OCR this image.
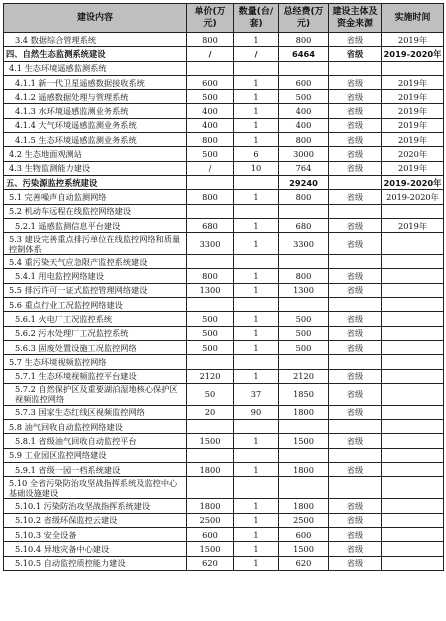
建设内容	单价(万元)	数量(台/套)	总经费(万元)	建设主体及资金来源	实施时间
3.4 数据综合管理系统	800	1	800	省级	2019年
四、自然生态监测系统建设	/	/	6464	省级	2019-2020年
4.1 生态环境遥感监测系统					
4.1.1 新一代卫星遥感数据接收系统	600	1	600	省级	2019年
4.1.2 遥感数据处理与管理系统	500	1	500	省级	2019年
4.1.3 水环境遥感监测业务系统	400	1	400	省级	2019年
4.1.4 大气环境遥感监测业务系统	400	1	400	省级	2019年
4.1.5 生态环境遥感监测业务系统	800	1	800	省级	2019年
4.2 生态地面观测站	500	6	3000	省级	2020年
4.3 生物监测能力建设	/	10	764	省级	2019年
五、污染源监控系统建设			29240		2019-2020年
5.1 完善噪声自动监测网络	800	1	800	省级	2019-2020年
5.2 机动车远程在线监控网络建设					
5.2.1 遥感监测信息平台建设	680	1	680	省级	2019年
5.3 建设完善重点排污单位在线监控网络和质量控制体系	3300	1	3300	省级	
5.4 重污染天气应急限产监控系统建设					
5.4.1 用电监控网络建设	800	1	800	省级	
5.5 排污许可一证式监控管理网络建设	1300	1	1300	省级	
5.6 重点行业工况监控网络建设					
5.6.1 火电厂工况监控系统	500	1	500	省级	
5.6.2 污水处理厂工况监控系统	500	1	500	省级	
5.6.3 固废处置设施工况监控网络	500	1	500	省级	
5.7 生态环境视频监控网络					
5.7.1 生态环境视频监控平台建设	2120	1	2120	省级	
5.7.2 自然保护区及重要湖泊湿地核心保护区视频监控网络	50	37	1850	省级	
5.7.3 国家生态红线区视频监控网络	20	90	1800	省级	
5.8 油气回收自动监控网络建设					
5.8.1 省级油气回收自动监控平台	1500	1	1500	省级	
5.9 工业园区监控网络建设					
5.9.1 省级一园一档系统建设	1800	1	1800	省级	
5.10 全省污染防治攻坚战指挥系统及监控中心基础设施建设					
5.10.1 污染防治攻坚战指挥系统建设	1800	1	1800	省级	
5.10.2 省级环保监控云建设	2500	1	2500	省级	
5.10.3 安全设备	600	1	600	省级	
5.10.4 异地灾备中心建设	1500	1	1500	省级	
5.10.5 自动监控质控能力建设	620	1	620	省级	
